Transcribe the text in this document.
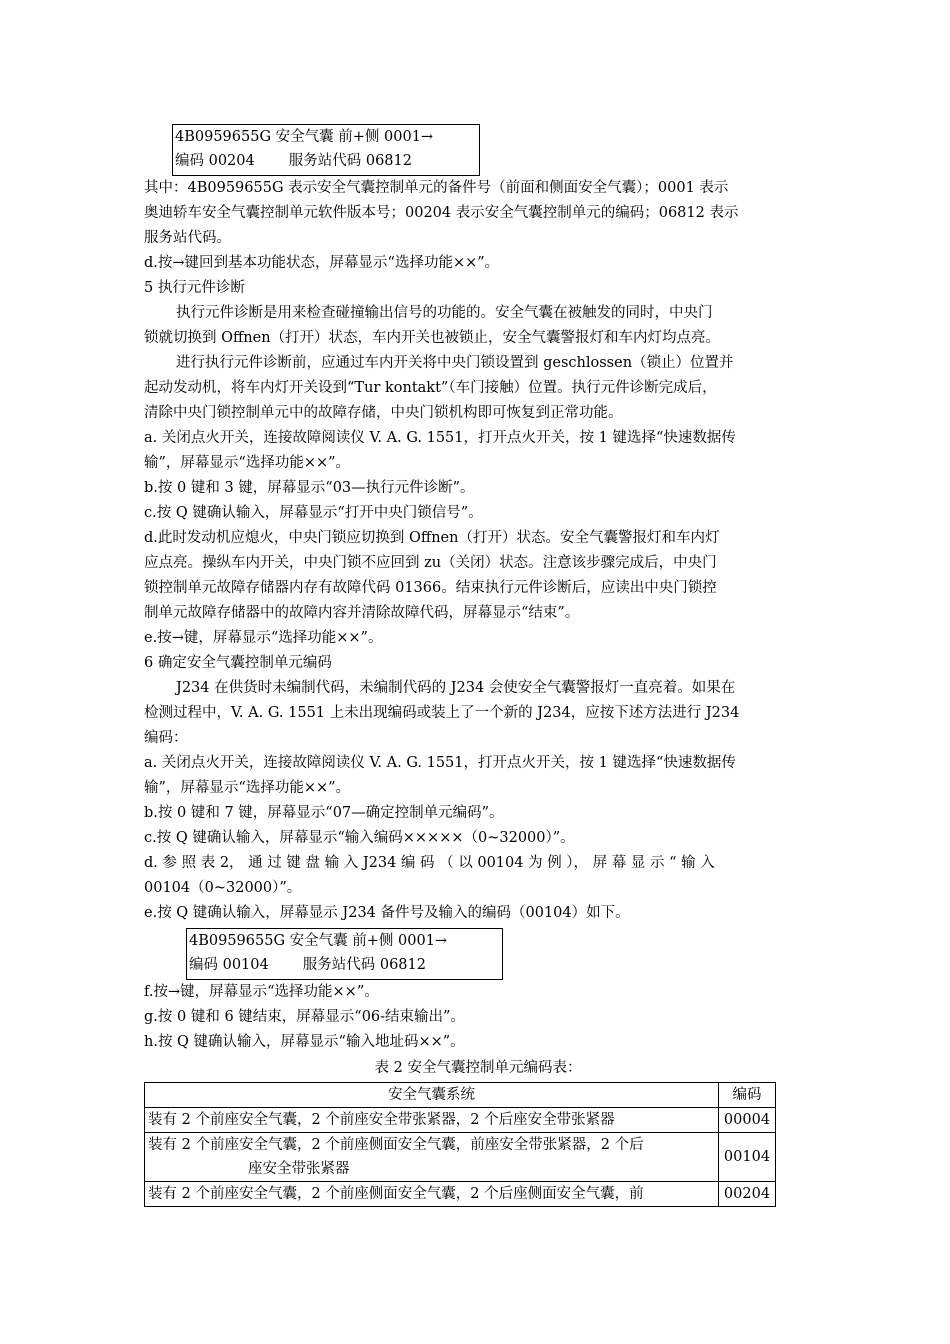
4B0959655G 安全气囊 前+侧 0001→
编码 00204 服务站代码 06812
其中：4B0959655G 表示安全气囊控制单元的备件号（前面和侧面安全气囊）；0001 表示
奥迪轿车安全气囊控制单元软件版本号；00204 表示安全气囊控制单元的编码；06812 表示
服务站代码。
d.按→键回到基本功能状态，屏幕显示“选择功能××”。
5 执行元件诊断
执行元件诊断是用来检查碰撞输出信号的功能的。安全气囊在被触发的同时，中央门
锁就切换到 Offnen（打开）状态，车内开关也被锁止，安全气囊警报灯和车内灯均点亮。
进行执行元件诊断前，应通过车内开关将中央门锁设置到 geschlossen（锁止）位置并
起动发动机，将车内灯开关设到“Tur kontakt”（车门接触）位置。执行元件诊断完成后，
清除中央门锁控制单元中的故障存储，中央门锁机构即可恢复到正常功能。
a. 关闭点火开关，连接故障阅读仪 V. A. G. 1551，打开点火开关，按 1 键选择“快速数据传
输”，屏幕显示“选择功能××”。
b.按 0 键和 3 键，屏幕显示“03—执行元件诊断”。
c.按 Q 键确认输入，屏幕显示“打开中央门锁信号”。
d.此时发动机应熄火，中央门锁应切换到 Offnen（打开）状态。安全气囊警报灯和车内灯
应点亮。操纵车内开关，中央门锁不应回到 zu（关闭）状态。注意该步骤完成后，中央门
锁控制单元故障存储器内存有故障代码 01366。结束执行元件诊断后，应读出中央门锁控
制单元故障存储器中的故障内容并清除故障代码，屏幕显示“结束”。
e.按→键，屏幕显示“选择功能××”。
6 确定安全气囊控制单元编码
J234 在供货时未编制代码，未编制代码的 J234 会使安全气囊警报灯一直亮着。如果在
检测过程中，V. A. G. 1551 上未出现编码或装上了一个新的 J234，应按下述方法进行 J234
编码：
a. 关闭点火开关，连接故障阅读仪 V. A. G. 1551，打开点火开关，按 1 键选择“快速数据传
输”，屏幕显示“选择功能××”。
b.按 0 键和 7 键，屏幕显示“07—确定控制单元编码”。
c.按 Q 键确认输入，屏幕显示“输入编码×××××（0~32000）”。
d. 参 照 表 2， 通 过 键 盘 输 入 J234 编 码 （ 以 00104 为 例 ）， 屏 幕 显 示 “ 输 入
00104（0~32000）”。
e.按 Q 键确认输入，屏幕显示 J234 备件号及输入的编码（00104）如下。
4B0959655G 安全气囊 前+侧 0001→
编码 00104 服务站代码 06812
f.按→键，屏幕显示“选择功能××”。
g.按 0 键和 6 键结束，屏幕显示“06-结束输出”。
h.按 Q 键确认输入，屏幕显示“输入地址码××”。
表 2 安全气囊控制单元编码表：
安全气囊系统	编码
装有 2 个前座安全气囊，2 个前座安全带张紧器，2 个后座安全带张紧器	00004

装有 2 个前座安全气囊，2 个前座侧面安全气囊，前座安全带张紧器，2 个后
座安全带张紧器	00104
装有 2 个前座安全气囊，2 个前座侧面安全气囊，2 个后座侧面安全气囊，前	00204
